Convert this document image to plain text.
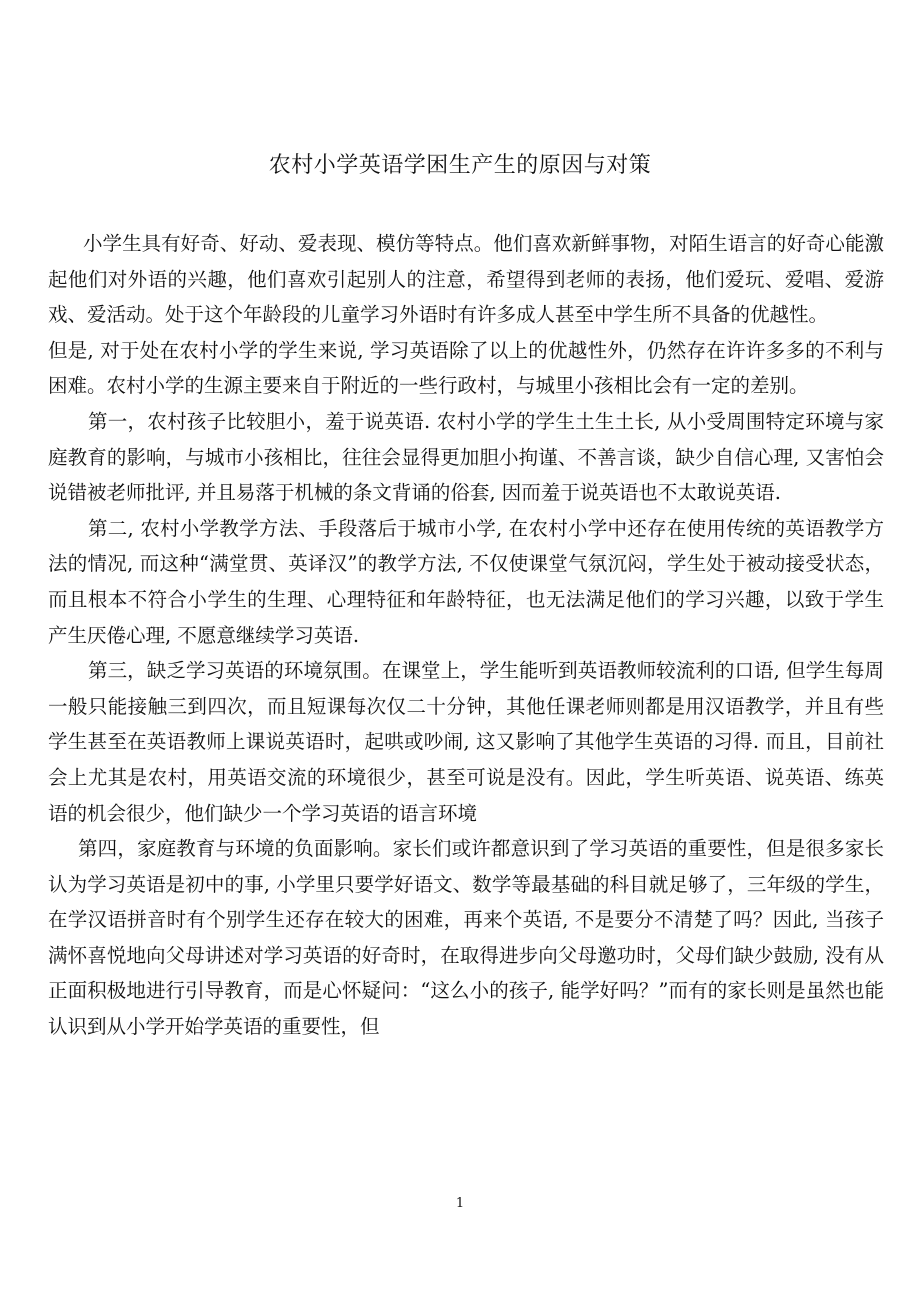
农村小学英语学困生产生的原因与对策

小学生具有好奇、好动、爱表现、模仿等特点。他们喜欢新鲜事物，对陌生语言的好奇心能激起他们对外语的兴趣，他们喜欢引起别人的注意，希望得到老师的表扬，他们爱玩、爱唱、爱游戏、爱活动。处于这个年龄段的儿童学习外语时有许多成人甚至中学生所不具备的优越性。

但是, 对于处在农村小学的学生来说, 学习英语除了以上的优越性外，仍然存在许许多多的不利与困难。农村小学的生源主要来自于附近的一些行政村，与城里小孩相比会有一定的差别。

第一，农村孩子比较胆小，羞于说英语. 农村小学的学生土生土长, 从小受周围特定环境与家庭教育的影响，与城市小孩相比，往往会显得更加胆小拘谨、不善言谈，缺少自信心理, 又害怕会说错被老师批评, 并且易落于机械的条文背诵的俗套, 因而羞于说英语也不太敢说英语.

第二, 农村小学教学方法、手段落后于城市小学, 在农村小学中还存在使用传统的英语教学方法的情况, 而这种“满堂贯、英译汉”的教学方法, 不仅使课堂气氛沉闷，学生处于被动接受状态，而且根本不符合小学生的生理、心理特征和年龄特征，也无法满足他们的学习兴趣，以致于学生产生厌倦心理, 不愿意继续学习英语.

第三，缺乏学习英语的环境氛围。在课堂上，学生能听到英语教师较流利的口语, 但学生每周一般只能接触三到四次，而且短课每次仅二十分钟，其他任课老师则都是用汉语教学，并且有些学生甚至在英语教师上课说英语时，起哄或吵闹, 这又影响了其他学生英语的习得. 而且，目前社会上尤其是农村，用英语交流的环境很少，甚至可说是没有。因此，学生听英语、说英语、练英语的机会很少，他们缺少一个学习英语的语言环境

第四，家庭教育与环境的负面影响。家长们或许都意识到了学习英语的重要性，但是很多家长认为学习英语是初中的事, 小学里只要学好语文、数学等最基础的科目就足够了，三年级的学生，在学汉语拼音时有个别学生还存在较大的困难，再来个英语, 不是要分不清楚了吗？因此, 当孩子满怀喜悦地向父母讲述对学习英语的好奇时，在取得进步向父母邀功时，父母们缺少鼓励, 没有从正面积极地进行引导教育，而是心怀疑问：“这么小的孩子, 能学好吗？”而有的家长则是虽然也能认识到从小学开始学英语的重要性，但

1
